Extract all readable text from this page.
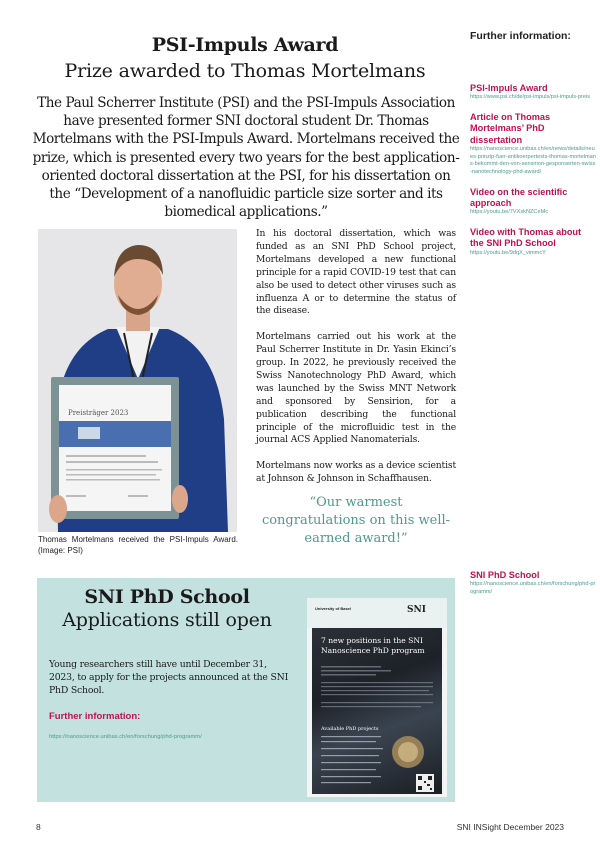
PSI-Impuls Award
Prize awarded to Thomas Mortelmans
The Paul Scherrer Institute (PSI) and the PSI-Impuls Association have presented former SNI doctoral student Dr. Thomas Mortelmans with the PSI-Impuls Award. Mortelmans received the prize, which is presented every two years for the best application-oriented doctoral dissertation at the PSI, for his dissertation on the “Development of a nanofluidic particle size sorter and its biomedical applications.”
Preisträger 2023
Thomas Mortelmans received the PSI-Impuls Award. (Image: PSI)

In his doctoral dissertation, which was funded as an SNI PhD School project, Mortelmans developed a new functional principle for a rapid COVID-19 test that can also be used to detect other viruses such as influenza A or to determine the status of the disease.

Mortelmans carried out his work at the Paul Scherrer Institute in Dr. Yasin Ekinci’s group. In 2022, he previously received the Swiss Nanotechnology PhD Award, which was launched by the Swiss MNT Network and sponsored by Sensirion, for a publication describing the functional principle of the microfluidic test in the journal ACS Applied Nanomaterials.

Mortelmans now works as a device scientist at Johnson & Johnson in Schaffhausen.

“Our warmest congratulations on this well-earned award!”
Further information:
PSI-Impuls Award
https://www.psi.ch/de/psi-impuls/psi-impuls-preis
Article on Thomas Mortelmans’ PhD dissertation
https://nanoscience.unibas.ch/en/news/details/neues-prinzip-fuer-antikoerpertests-thomas-mortelmans-bekommt-den-von-sensirion-gesponserten-swiss-nanotechnology-phd-award/
Video on the scientific approach
https://youtu.be/7VXskNZCeMc
Video with Thomas about the SNI PhD School
https://youtu.be/9dqX_vimmcY
SNI PhD School
https://nanoscience.unibas.ch/en/forschung/phd-programm/
SNI PhD School
Applications still open
Young researchers still have until December 31, 2023, to apply for the projects announced at the SNI PhD School.
Further information:
https://nanoscience.unibas.ch/en/forschung/phd-programm/
University of Basel	SNI
7 new positions in the SNI Nanoscience PhD program
Available PhD projects
8	SNI INSight December 2023
